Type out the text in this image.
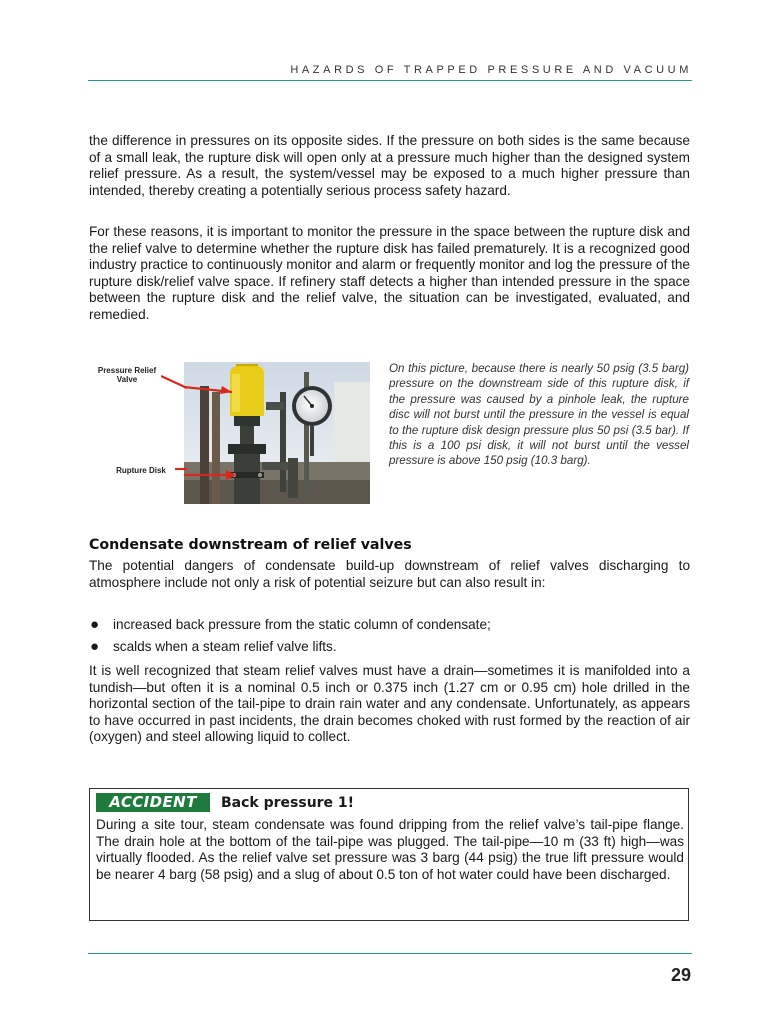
HAZARDS OF TRAPPED PRESSURE AND VACUUM

the difference in pressures on its opposite sides. If the pressure on both sides is the same because of a small leak, the rupture disk will open only at a pressure much higher than the designed system relief pressure. As a result, the system/vessel may be exposed to a much higher pressure than intended, thereby creating a potentially serious process safety hazard.

For these reasons, it is important to monitor the pressure in the space between the rupture disk and the relief valve to determine whether the rupture disk has failed prematurely. It is a recognized good industry practice to continuously monitor and alarm or frequently monitor and log the pressure of the rupture disk/relief valve space. If refinery staff detects a higher than intended pressure in the space between the rupture disk and the relief valve, the situation can be investigated, evaluated, and remedied.

Pressure Relief
Valve
Rupture Disk
On this picture, because there is nearly 50 psig (3.5 barg) pressure on the downstream side of this rupture disk, if the pressure was caused by a pinhole leak, the rupture disc will not burst until the pressure in the vessel is equal to the rupture disk design pressure plus 50 psi (3.5 bar). If this is a 100 psi disk, it will not burst until the vessel pressure is above 150 psig (10.3 barg).
Condensate downstream of relief valves

The potential dangers of condensate build-up downstream of relief valves discharging to atmosphere include not only a risk of potential seizure but can also result in:

● increased back pressure from the static column of condensate;
● scalds when a steam relief valve lifts.

It is well recognized that steam relief valves must have a drain—sometimes it is manifolded into a tundish—but often it is a nominal 0.5 inch or 0.375 inch (1.27 cm or 0.95 cm) hole drilled in the horizontal section of the tail-pipe to drain rain water and any condensate. Unfortunately, as appears to have occurred in past incidents, the drain becomes choked with rust formed by the reaction of air (oxygen) and steel allowing liquid to collect.

ACCIDENT	Back pressure 1!

During a site tour, steam condensate was found dripping from the relief valve’s tail-pipe flange. The drain hole at the bottom of the tail-pipe was plugged. The tail-pipe—10 m (33 ft) high—was virtually flooded. As the relief valve set pressure was 3 barg (44 psig) the true lift pressure would be nearer 4 barg (58 psig) and a slug of about 0.5 ton of hot water could have been discharged.

29
